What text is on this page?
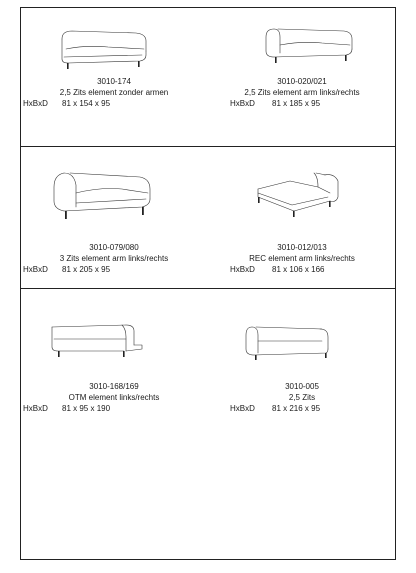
3010-174
2,5 Zits element zonder armen
HxBxD 81 x 154 x 95
3010-020/021
2,5 Zits element arm links/rechts
HxBxD 81 x 185 x 95
3010-079/080
3 Zits element arm links/rechts
HxBxD 81 x 205 x 95
3010-012/013
REC element arm links/rechts
HxBxD 81 x 106 x 166
3010-168/169
OTM element links/rechts
HxBxD 81 x 95 x 190
3010-005
2,5 Zits
HxBxD 81 x 216 x 95
